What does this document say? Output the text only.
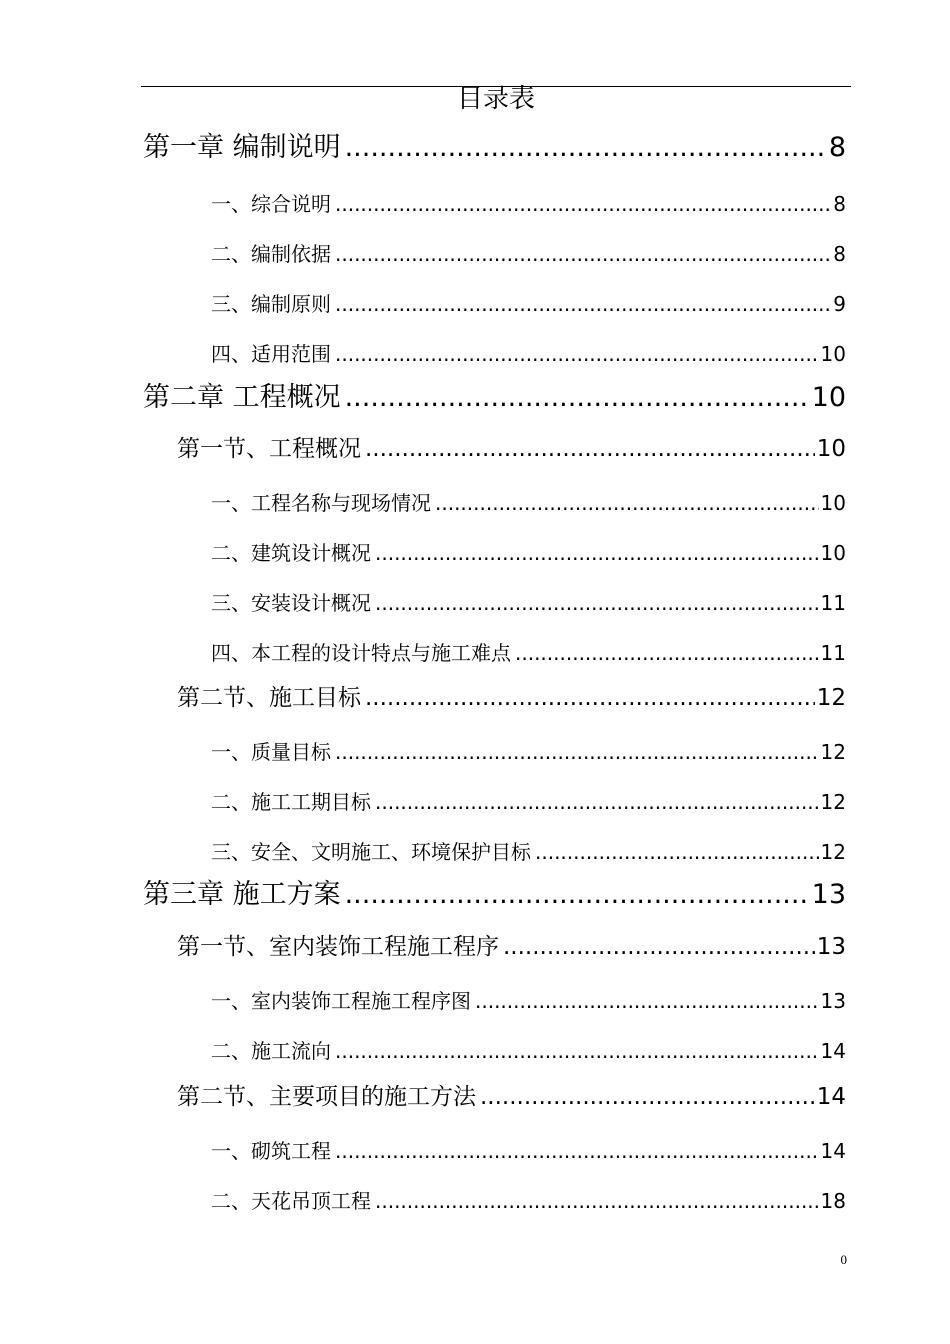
目录表
第一章 编制说明 .....	8
一、综合说明 .....	8
二、编制依据 .....	8
三、编制原则 .....	9
四、适用范围 .....	10
第二章 工程概况 .....	10
第一节、工程概况 .....	10
一、工程名称与现场情况 .....	10
二、建筑设计概况 .....	10
三、安装设计概况 .....	11
四、本工程的设计特点与施工难点 .....	11
第二节、施工目标 .....	12
一、质量目标 .....	12
二、施工工期目标 .....	12
三、安全、文明施工、环境保护目标 .....	12
第三章 施工方案 .....	13
第一节、室内装饰工程施工程序 .....	13
一、室内装饰工程施工程序图 .....	13
二、施工流向 .....	14
第二节、主要项目的施工方法 .....	14
一、砌筑工程 .....	14
二、天花吊顶工程 .....	18
0
